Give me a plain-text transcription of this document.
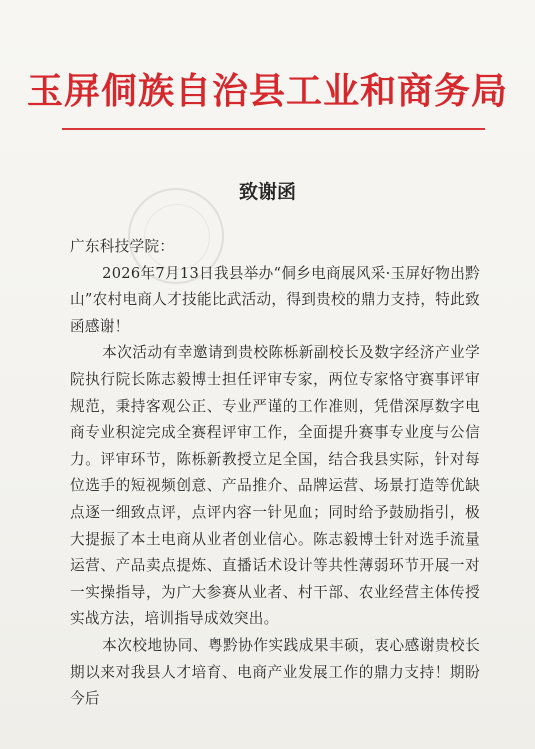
玉屏侗族自治县工业和商务局
致谢函

广东科技学院：

2026年7月13日我县举办“侗乡电商展风采·玉屏好物出黔山”农村电商人才技能比武活动，得到贵校的鼎力支持，特此致函感谢！

本次活动有幸邀请到贵校陈栎新副校长及数字经济产业学院执行院长陈志毅博士担任评审专家，两位专家恪守赛事评审规范，秉持客观公正、专业严谨的工作准则，凭借深厚数字电商专业积淀完成全赛程评审工作，全面提升赛事专业度与公信力。评审环节，陈栎新教授立足全国，结合我县实际，针对每位选手的短视频创意、产品推介、品牌运营、场景打造等优缺点逐一细致点评，点评内容一针见血；同时给予鼓励指引，极大提振了本土电商从业者创业信心。陈志毅博士针对选手流量运营、产品卖点提炼、直播话术设计等共性薄弱环节开展一对一实操指导，为广大参赛从业者、村干部、农业经营主体传授实战方法，培训指导成效突出。

本次校地协同、粤黔协作实践成果丰硕，衷心感谢贵校长期以来对我县人才培育、电商产业发展工作的鼎力支持！期盼今后
